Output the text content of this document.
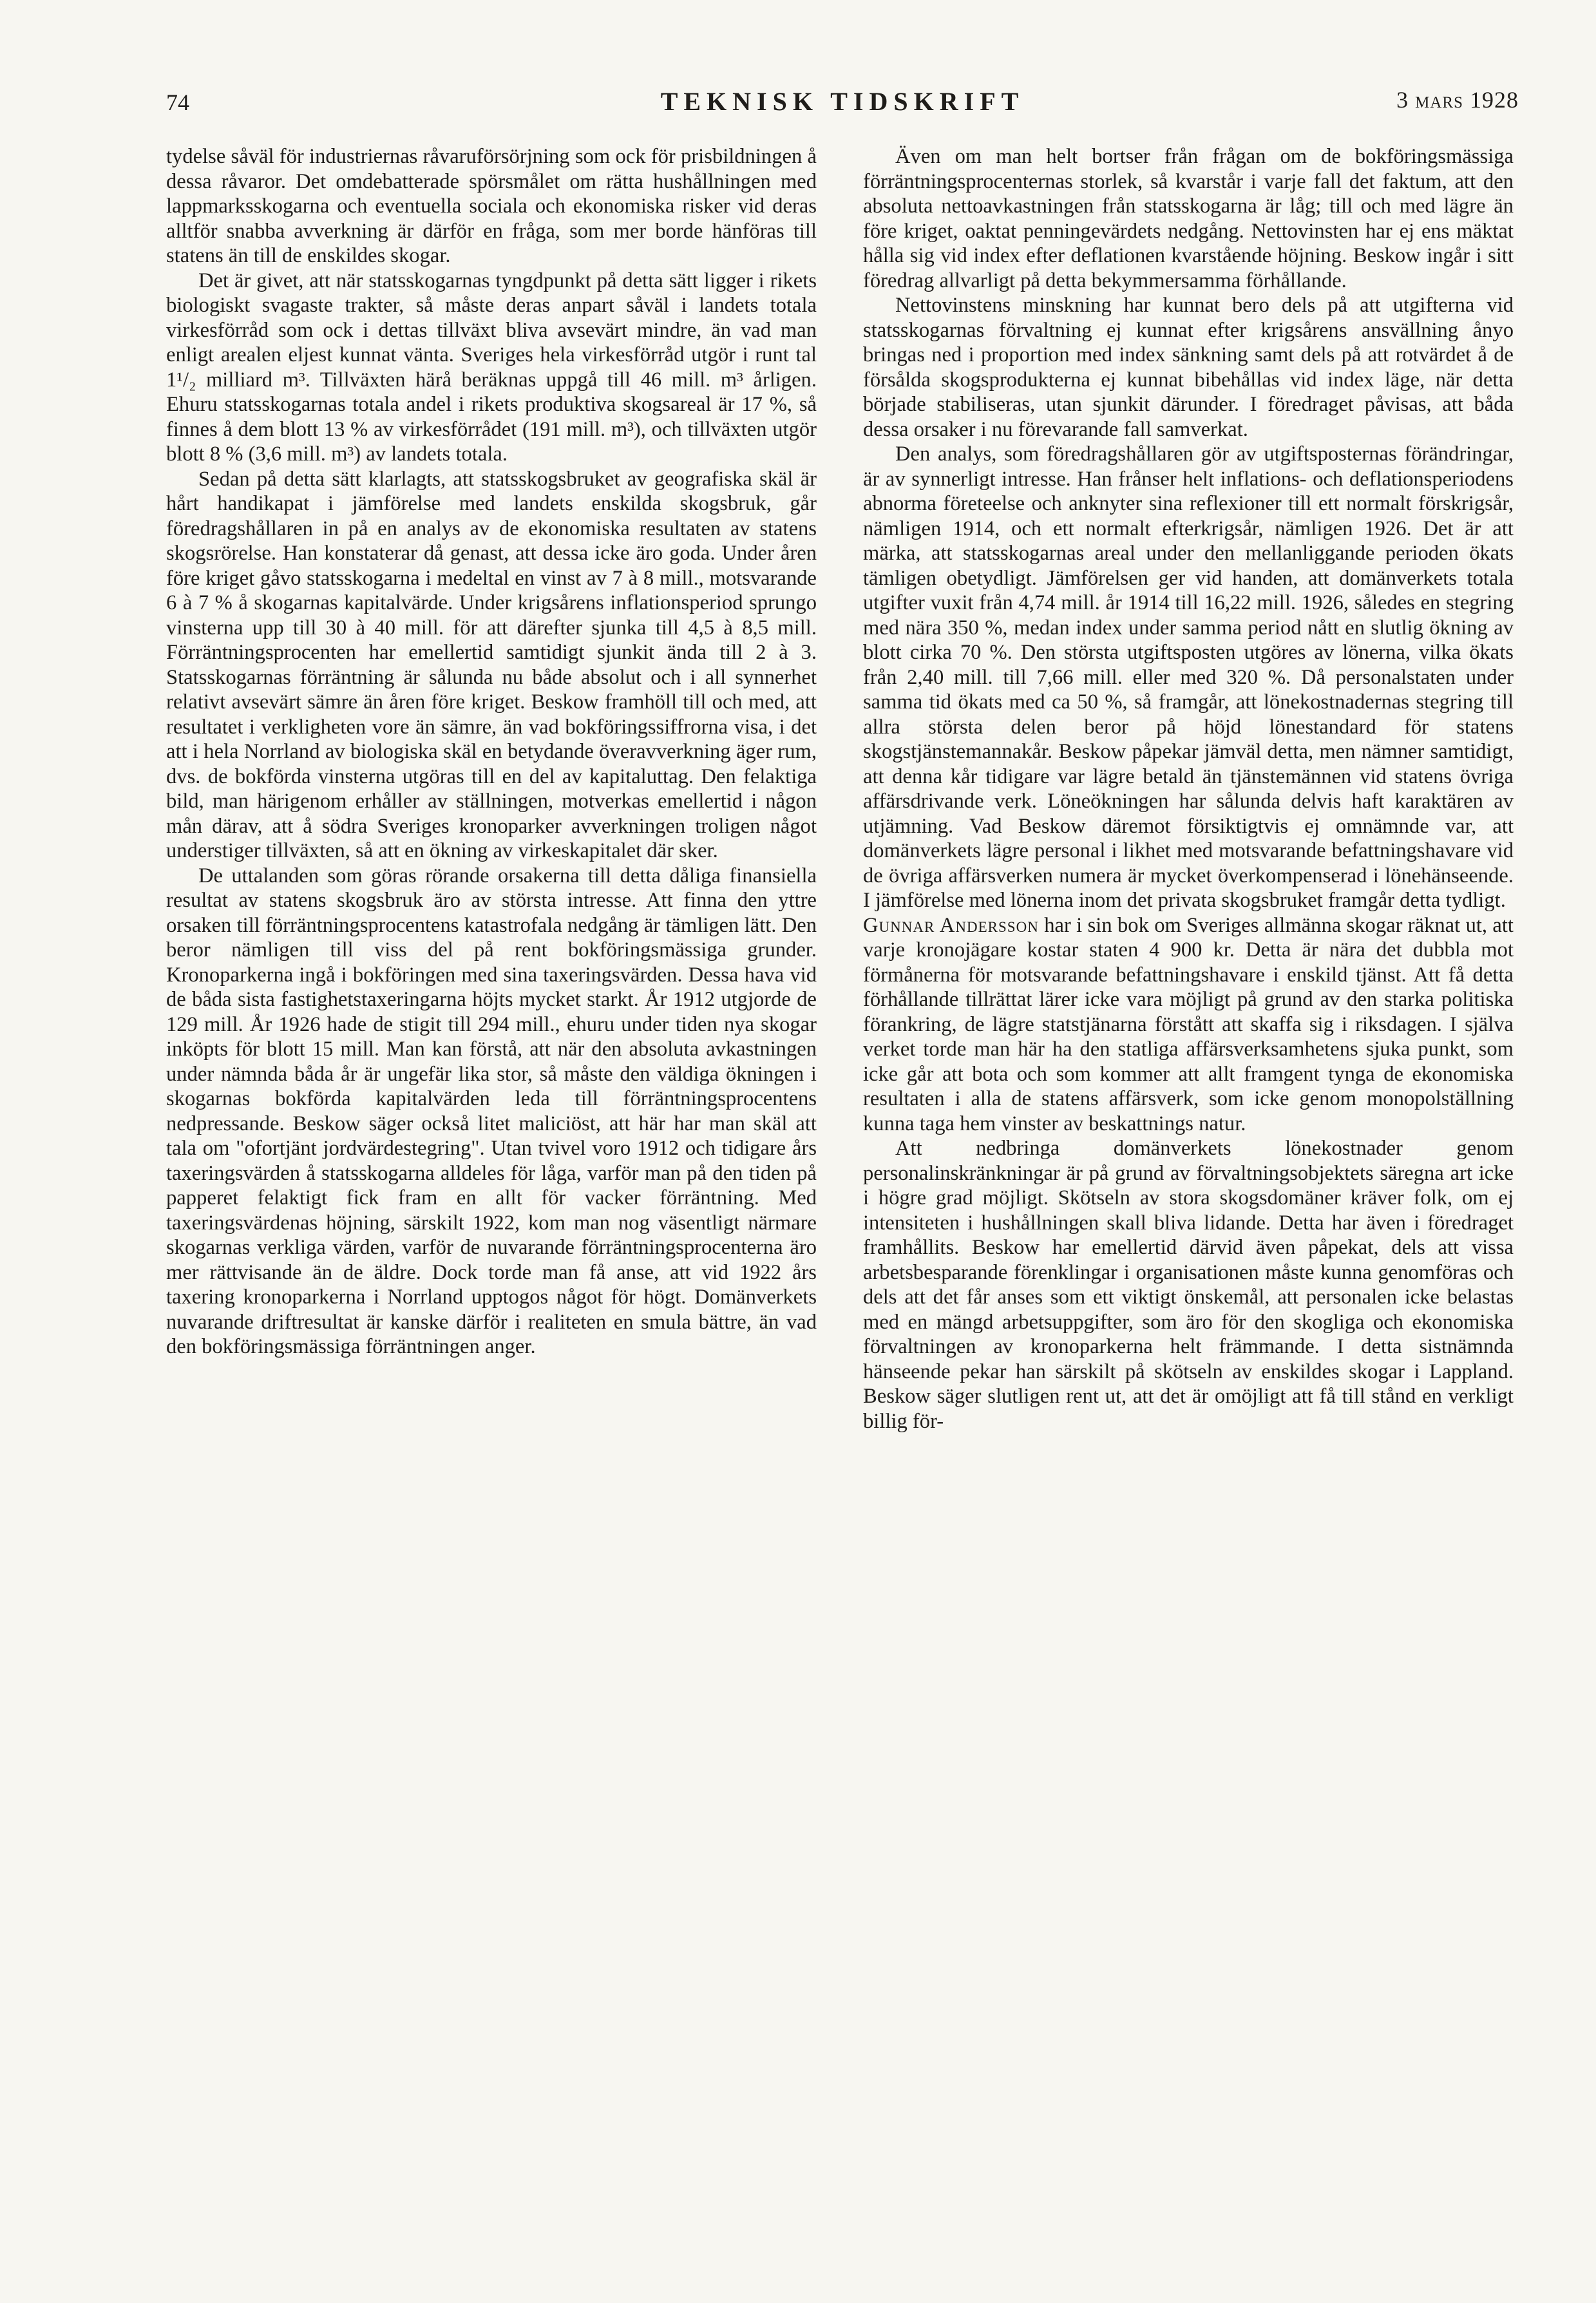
74	TEKNISK TIDSKRIFT	3 mars 1928

tydelse såväl för industriernas råvaruförsörjning som ock för prisbildningen å dessa råvaror. Det omdebatterade spörsmålet om rätta hushållningen med lappmarksskogarna och eventuella sociala och ekonomiska risker vid deras alltför snabba avverkning är därför en fråga, som mer borde hänföras till statens än till de enskildes skogar.

Det är givet, att när statsskogarnas tyngdpunkt på detta sätt ligger i rikets biologiskt svagaste trakter, så måste deras anpart såväl i landets totala virkesförråd som ock i dettas tillväxt bliva avsevärt mindre, än vad man enligt arealen eljest kunnat vänta. Sveriges hela virkesförråd utgör i runt tal 1¹/₂ milliard m³. Tillväxten härå beräknas uppgå till 46 mill. m³ årligen. Ehuru statsskogarnas totala andel i rikets produktiva skogsareal är 17 %, så finnes å dem blott 13 % av virkesförrådet (191 mill. m³), och tillväxten utgör blott 8 % (3,6 mill. m³) av landets totala.

Sedan på detta sätt klarlagts, att statsskogsbruket av geografiska skäl är hårt handikapat i jämförelse med landets enskilda skogsbruk, går föredragshållaren in på en analys av de ekonomiska resultaten av statens skogsrörelse. Han konstaterar då genast, att dessa icke äro goda. Under åren före kriget gåvo statsskogarna i medeltal en vinst av 7 à 8 mill., motsvarande 6 à 7 % å skogarnas kapitalvärde. Under krigsårens inflationsperiod sprungo vinsterna upp till 30 à 40 mill. för att därefter sjunka till 4,5 à 8,5 mill. Förräntningsprocenten har emellertid samtidigt sjunkit ända till 2 à 3. Statsskogarnas förräntning är sålunda nu både absolut och i all synnerhet relativt avsevärt sämre än åren före kriget. Beskow framhöll till och med, att resultatet i verkligheten vore än sämre, än vad bokföringssiffrorna visa, i det att i hela Norrland av biologiska skäl en betydande överavverkning äger rum, dvs. de bokförda vinsterna utgöras till en del av kapitaluttag. Den felaktiga bild, man härigenom erhåller av ställningen, motverkas emellertid i någon mån därav, att å södra Sveriges kronoparker avverkningen troligen något understiger tillväxten, så att en ökning av virkeskapitalet där sker.

De uttalanden som göras rörande orsakerna till detta dåliga finansiella resultat av statens skogsbruk äro av största intresse. Att finna den yttre orsaken till förräntningsprocentens katastrofala nedgång är tämligen lätt. Den beror nämligen till viss del på rent bokföringsmässiga grunder. Kronoparkerna ingå i bokföringen med sina taxeringsvärden. Dessa hava vid de båda sista fastighetstaxeringarna höjts mycket starkt. År 1912 utgjorde de 129 mill. År 1926 hade de stigit till 294 mill., ehuru under tiden nya skogar inköpts för blott 15 mill. Man kan förstå, att när den absoluta avkastningen under nämnda båda år är ungefär lika stor, så måste den väldiga ökningen i skogarnas bokförda kapitalvärden leda till förräntningsprocentens nedpressande. Beskow säger också litet maliciöst, att här har man skäl att tala om "ofortjänt jordvärdestegring". Utan tvivel voro 1912 och tidigare års taxeringsvärden å statsskogarna alldeles för låga, varför man på den tiden på papperet felaktigt fick fram en allt för vacker förräntning. Med taxeringsvärdenas höjning, särskilt 1922, kom man nog väsentligt närmare skogarnas verkliga värden, varför de nuvarande förräntningsprocenterna äro mer rättvisande än de äldre. Dock torde man få anse, att vid 1922 års taxering kronoparkerna i Norrland upptogos något för högt. Domänverkets nuvarande driftresultat är kanske därför i realiteten en smula bättre, än vad den bokföringsmässiga förräntningen anger.

Även om man helt bortser från frågan om de bokföringsmässiga förräntningsprocenternas storlek, så kvarstår i varje fall det faktum, att den absoluta nettoavkastningen från statsskogarna är låg; till och med lägre än före kriget, oaktat penningevärdets nedgång. Nettovinsten har ej ens mäktat hålla sig vid index efter deflationen kvarstående höjning. Beskow ingår i sitt föredrag allvarligt på detta bekymmersamma förhållande.

Nettovinstens minskning har kunnat bero dels på att utgifterna vid statsskogarnas förvaltning ej kunnat efter krigsårens ansvällning ånyo bringas ned i proportion med index sänkning samt dels på att rotvärdet å de försålda skogsprodukterna ej kunnat bibehållas vid index läge, när detta började stabiliseras, utan sjunkit därunder. I föredraget påvisas, att båda dessa orsaker i nu förevarande fall samverkat.

Den analys, som föredragshållaren gör av utgiftsposternas förändringar, är av synnerligt intresse. Han frånser helt inflations- och deflationsperiodens abnorma företeelse och anknyter sina reflexioner till ett normalt förskrigsår, nämligen 1914, och ett normalt efterkrigsår, nämligen 1926. Det är att märka, att statsskogarnas areal under den mellanliggande perioden ökats tämligen obetydligt. Jämförelsen ger vid handen, att domänverkets totala utgifter vuxit från 4,74 mill. år 1914 till 16,22 mill. 1926, således en stegring med nära 350 %, medan index under samma period nått en slutlig ökning av blott cirka 70 %. Den största utgiftsposten utgöres av lönerna, vilka ökats från 2,40 mill. till 7,66 mill. eller med 320 %. Då personalstaten under samma tid ökats med ca 50 %, så framgår, att lönekostnadernas stegring till allra största delen beror på höjd lönestandard för statens skogstjänstemannakår. Beskow påpekar jämväl detta, men nämner samtidigt, att denna kår tidigare var lägre betald än tjänstemännen vid statens övriga affärsdrivande verk. Löneökningen har sålunda delvis haft karaktären av utjämning. Vad Beskow däremot försiktigtvis ej omnämnde var, att domänverkets lägre personal i likhet med motsvarande befattningshavare vid de övriga affärsverken numera är mycket överkompenserad i lönehänseende. I jämförelse med lönerna inom det privata skogsbruket framgår detta tydligt.

Gunnar Andersson har i sin bok om Sveriges allmänna skogar räknat ut, att varje kronojägare kostar staten 4 900 kr. Detta är nära det dubbla mot förmånerna för motsvarande befattningshavare i enskild tjänst. Att få detta förhållande tillrättat lärer icke vara möjligt på grund av den starka politiska förankring, de lägre statstjänarna förstått att skaffa sig i riksdagen. I själva verket torde man här ha den statliga affärsverksamhetens sjuka punkt, som icke går att bota och som kommer att allt framgent tynga de ekonomiska resultaten i alla de statens affärsverk, som icke genom monopolställning kunna taga hem vinster av beskattnings natur.

Att nedbringa domänverkets lönekostnader genom personalinskränkningar är på grund av förvaltningsobjektets säregna art icke i högre grad möjligt. Skötseln av stora skogsdomäner kräver folk, om ej intensiteten i hushållningen skall bliva lidande. Detta har även i föredraget framhållits. Beskow har emellertid därvid även påpekat, dels att vissa arbetsbesparande förenklingar i organisationen måste kunna genomföras och dels att det får anses som ett viktigt önskemål, att personalen icke belastas med en mängd arbetsuppgifter, som äro för den skogliga och ekonomiska förvaltningen av kronoparkerna helt främmande. I detta sistnämnda hänseende pekar han särskilt på skötseln av enskildes skogar i Lappland. Beskow säger slutligen rent ut, att det är omöjligt att få till stånd en verkligt billig för-
